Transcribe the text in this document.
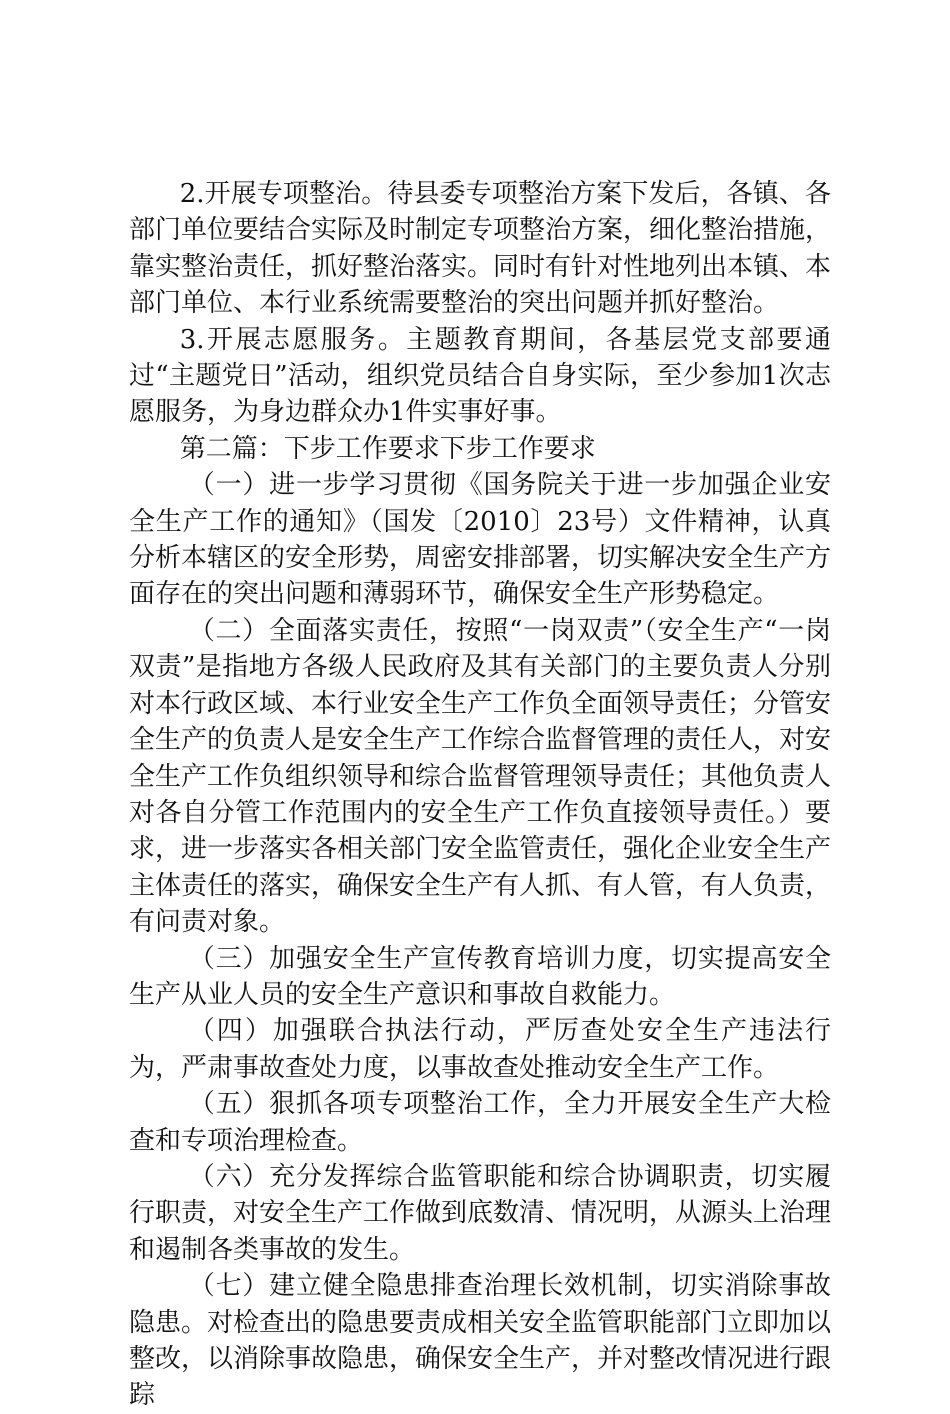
2.开展专项整治。待县委专项整治方案下发后，各镇、各部门单位要结合实际及时制定专项整治方案，细化整治措施，靠实整治责任，抓好整治落实。同时有针对性地列出本镇、本部门单位、本行业系统需要整治的突出问题并抓好整治。

3.开展志愿服务。主题教育期间，各基层党支部要通过“主题党日”活动，组织党员结合自身实际，至少参加1次志愿服务，为身边群众办1件实事好事。

第二篇：下步工作要求下步工作要求

（一）进一步学习贯彻《国务院关于进一步加强企业安全生产工作的通知》（国发〔2010〕23号）文件精神，认真分析本辖区的安全形势，周密安排部署，切实解决安全生产方面存在的突出问题和薄弱环节，确保安全生产形势稳定。

（二）全面落实责任，按照“一岗双责”（安全生产“一岗双责”是指地方各级人民政府及其有关部门的主要负责人分别对本行政区域、本行业安全生产工作负全面领导责任；分管安全生产的负责人是安全生产工作综合监督管理的责任人，对安全生产工作负组织领导和综合监督管理领导责任；其他负责人对各自分管工作范围内的安全生产工作负直接领导责任。）要求，进一步落实各相关部门安全监管责任，强化企业安全生产主体责任的落实，确保安全生产有人抓、有人管，有人负责，有问责对象。

（三）加强安全生产宣传教育培训力度，切实提高安全生产从业人员的安全生产意识和事故自救能力。

（四）加强联合执法行动，严厉查处安全生产违法行为，严肃事故查处力度，以事故查处推动安全生产工作。

（五）狠抓各项专项整治工作，全力开展安全生产大检查和专项治理检查。

（六）充分发挥综合监管职能和综合协调职责，切实履行职责，对安全生产工作做到底数清、情况明，从源头上治理和遏制各类事故的发生。

（七）建立健全隐患排查治理长效机制，切实消除事故隐患。对检查出的隐患要责成相关安全监管职能部门立即加以整改，以消除事故隐患，确保安全生产，并对整改情况进行跟踪
